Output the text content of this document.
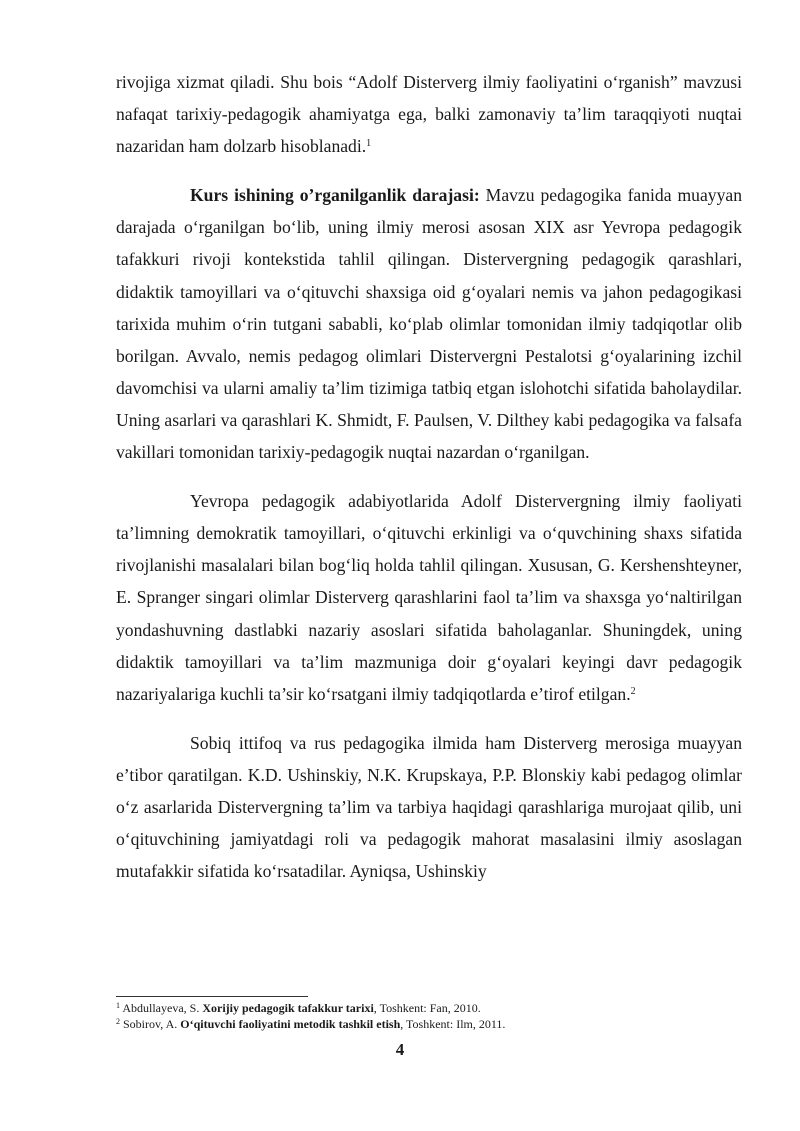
rivojiga xizmat qiladi. Shu bois “Adolf Disterverg ilmiy faoliyatini o‘rganish” mavzusi nafaqat tarixiy-pedagogik ahamiyatga ega, balki zamonaviy ta’lim taraqqiyoti nuqtai nazaridan ham dolzarb hisoblanadi.$^1$

Kurs ishining o’rganilganlik darajasi: Mavzu pedagogika fanida muayyan darajada o‘rganilgan bo‘lib, uning ilmiy merosi asosan XIX asr Yevropa pedagogik tafakkuri rivoji kontekstida tahlil qilingan. Distervergning pedagogik qarashlari, didaktik tamoyillari va o‘qituvchi shaxsiga oid g‘oyalari nemis va jahon pedagogikasi tarixida muhim o‘rin tutgani sababli, ko‘plab olimlar tomonidan ilmiy tadqiqotlar olib borilgan. Avvalo, nemis pedagog olimlari Distervergni Pestalotsi g‘oyalarining izchil davomchisi va ularni amaliy ta’lim tizimiga tatbiq etgan islohotchi sifatida baholaydilar. Uning asarlari va qarashlari K. Shmidt, F. Paulsen, V. Dilthey kabi pedagogika va falsafa vakillari tomonidan tarixiy-pedagogik nuqtai nazardan o‘rganilgan.

Yevropa pedagogik adabiyotlarida Adolf Distervergning ilmiy faoliyati ta’limning demokratik tamoyillari, o‘qituvchi erkinligi va o‘quvchining shaxs sifatida rivojlanishi masalalari bilan bog‘liq holda tahlil qilingan. Xususan, G. Kershenshteyner, E. Spranger singari olimlar Disterverg qarashlarini faol ta’lim va shaxsga yo‘naltirilgan yondashuvning dastlabki nazariy asoslari sifatida baholaganlar. Shuningdek, uning didaktik tamoyillari va ta’lim mazmuniga doir g‘oyalari keyingi davr pedagogik nazariyalariga kuchli ta’sir ko‘rsatgani ilmiy tadqiqotlarda e’tirof etilgan.$^2$

Sobiq ittifoq va rus pedagogika ilmida ham Disterverg merosiga muayyan e’tibor qaratilgan. K.D. Ushinskiy, N.K. Krupskaya, P.P. Blonskiy kabi pedagog olimlar o‘z asarlarida Distervergning ta’lim va tarbiya haqidagi qarashlariga murojaat qilib, uni o‘qituvchining jamiyatdagi roli va pedagogik mahorat masalasini ilmiy asoslagan mutafakkir sifatida ko‘rsatadilar. Ayniqsa, Ushinskiy

$^1$ Abdullayeva, S. Xorijiy pedagogik tafakkur tarixi, Toshkent: Fan, 2010.

$^2$ Sobirov, A. O‘qituvchi faoliyatini metodik tashkil etish, Toshkent: Ilm, 2011.

4
